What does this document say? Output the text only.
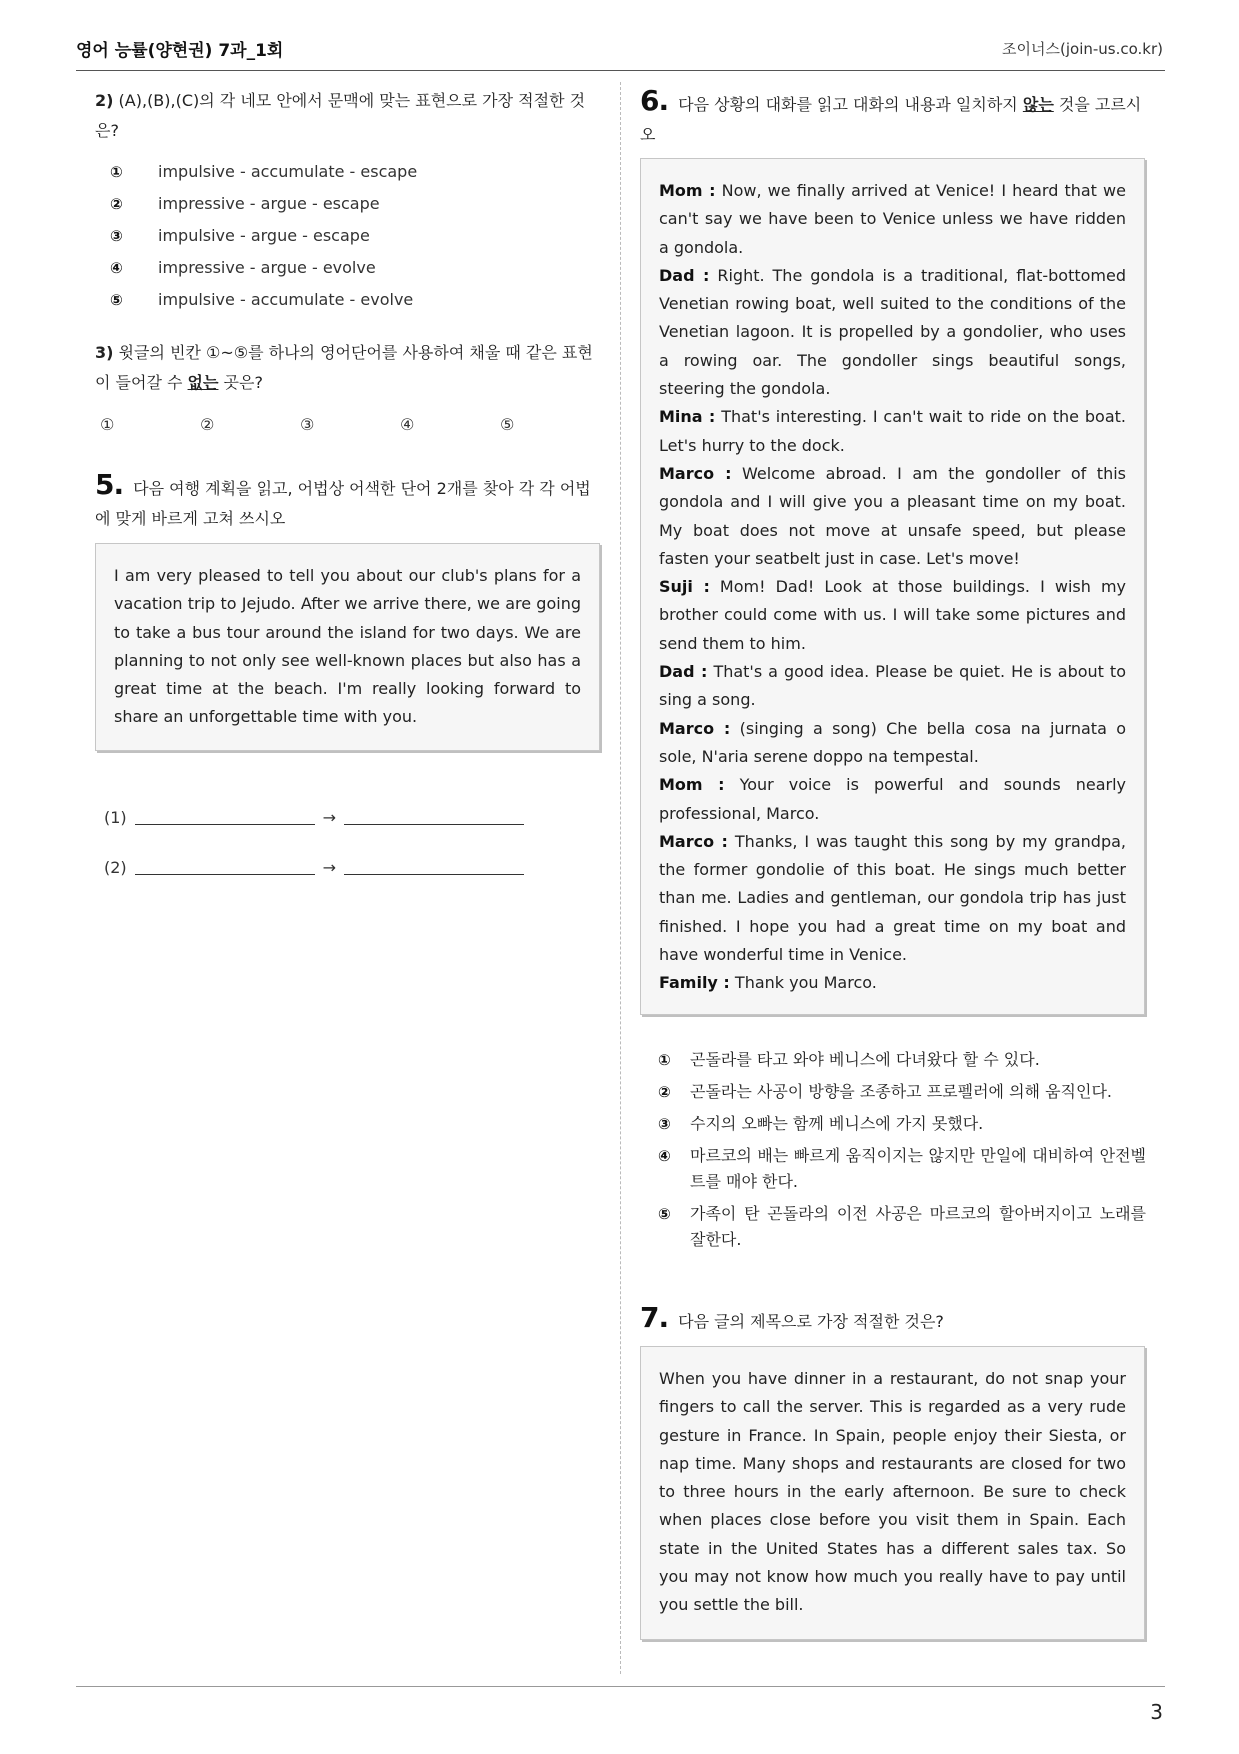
영어 능률(양현권) 7과_1회	조이너스(join-us.co.kr)
2) (A),(B),(C)의 각 네모 안에서 문맥에 맞는 표현으로 가장 적절한 것은?
①	impulsive - accumulate - escape
②	impressive - argue - escape
③	impulsive - argue - escape
④	impressive - argue - evolve
⑤	impulsive - accumulate - evolve
3) 윗글의 빈칸 ①~⑤를 하나의 영어단어를 사용하여 채울 때 같은 표현이 들어갈 수 없는 곳은?
①	②	③	④	⑤
5. 다음 여행 계획을 읽고, 어법상 어색한 단어 2개를 찾아 각 각 어법에 맞게 바르게 고쳐 쓰시오
I am very pleased to tell you about our club's plans for a vacation trip to Jejudo. After we arrive there, we are going to take a bus tour around the island for two days. We are planning to not only see well-known places but also has a great time at the beach. I'm really looking forward to share an unforgettable time with you.
(1)	→
(2)	→
6. 다음 상황의 대화를 읽고 대화의 내용과 일치하지 않는 것을 고르시오
Mom : Now, we finally arrived at Venice! I heard that we can't say we have been to Venice unless we have ridden a gondola.
Dad : Right. The gondola is a traditional, flat-bottomed Venetian rowing boat, well suited to the conditions of the Venetian lagoon. It is propelled by a gondolier, who uses a rowing oar. The gondoller sings beautiful songs, steering the gondola.
Mina : That's interesting. I can't wait to ride on the boat. Let's hurry to the dock.
Marco : Welcome abroad. I am the gondoller of this gondola and I will give you a pleasant time on my boat. My boat does not move at unsafe speed, but please fasten your seatbelt just in case. Let's move!
Suji : Mom! Dad! Look at those buildings. I wish my brother could come with us. I will take some pictures and send them to him.
Dad : That's a good idea. Please be quiet. He is about to sing a song.
Marco : (singing a song) Che bella cosa na jurnata o sole, N'aria serene doppo na tempestal.
Mom : Your voice is powerful and sounds nearly professional, Marco.
Marco : Thanks, I was taught this song by my grandpa, the former gondolie of this boat. He sings much better than me. Ladies and gentleman, our gondola trip has just finished. I hope you had a great time on my boat and have wonderful time in Venice.
Family : Thank you Marco.
①	곤돌라를 타고 와야 베니스에 다녀왔다 할 수 있다.
②	곤돌라는 사공이 방향을 조종하고 프로펠러에 의해 움직인다.
③	수지의 오빠는 함께 베니스에 가지 못했다.
④	마르코의 배는 빠르게 움직이지는 않지만 만일에 대비하여 안전벨트를 매야 한다.
⑤	가족이 탄 곤돌라의 이전 사공은 마르코의 할아버지이고 노래를 잘한다.
7. 다음 글의 제목으로 가장 적절한 것은?
When you have dinner in a restaurant, do not snap your fingers to call the server. This is regarded as a very rude gesture in France. In Spain, people enjoy their Siesta, or nap time. Many shops and restaurants are closed for two to three hours in the early afternoon. Be sure to check when places close before you visit them in Spain. Each state in the United States has a different sales tax. So you may not know how much you really have to pay until you settle the bill.
3
